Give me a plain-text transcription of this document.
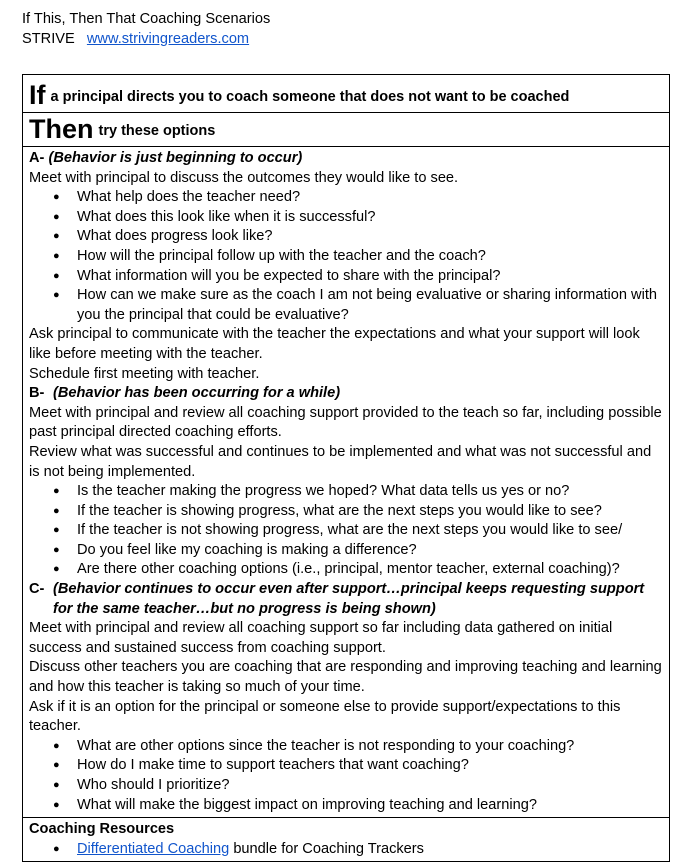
If This, Then That Coaching Scenarios
STRIVE www.strivingreaders.com
If a principal directs you to coach someone that does not want to be coached
Then try these options

A- (Behavior is just beginning to occur)

Meet with principal to discuss the outcomes they would like to see.

● What help does the teacher need?
● What does this look like when it is successful?
● What does progress look like?
● How will the principal follow up with the teacher and the coach?
● What information will you be expected to share with the principal?
● How can we make sure as the coach I am not being evaluative or sharing information with you the principal that could be evaluative?

Ask principal to communicate with the teacher the expectations and what your support will look like before meeting with the teacher.

Schedule first meeting with teacher.

B- (Behavior has been occurring for a while)

Meet with principal and review all coaching support provided to the teach so far, including possible past principal directed coaching efforts.

Review what was successful and continues to be implemented and what was not successful and is not being implemented.

● Is the teacher making the progress we hoped? What data tells us yes or no?
● If the teacher is showing progress, what are the next steps you would like to see?
● If the teacher is not showing progress, what are the next steps you would like to see/
● Do you feel like my coaching is making a difference?
● Are there other coaching options (i.e., principal, mentor teacher, external coaching)?
C- (Behavior continues to occur even after support…principal keeps requesting support for the same teacher…but no progress is being shown)

Meet with principal and review all coaching support so far including data gathered on initial success and sustained success from coaching support.

Discuss other teachers you are coaching that are responding and improving teaching and learning and how this teacher is taking so much of your time.

Ask if it is an option for the principal or someone else to provide support/expectations to this teacher.

● What are other options since the teacher is not responding to your coaching?
● How do I make time to support teachers that want coaching?
● Who should I prioritize?
● What will make the biggest impact on improving teaching and learning?

Coaching Resources

● Differentiated Coaching bundle for Coaching Trackers
